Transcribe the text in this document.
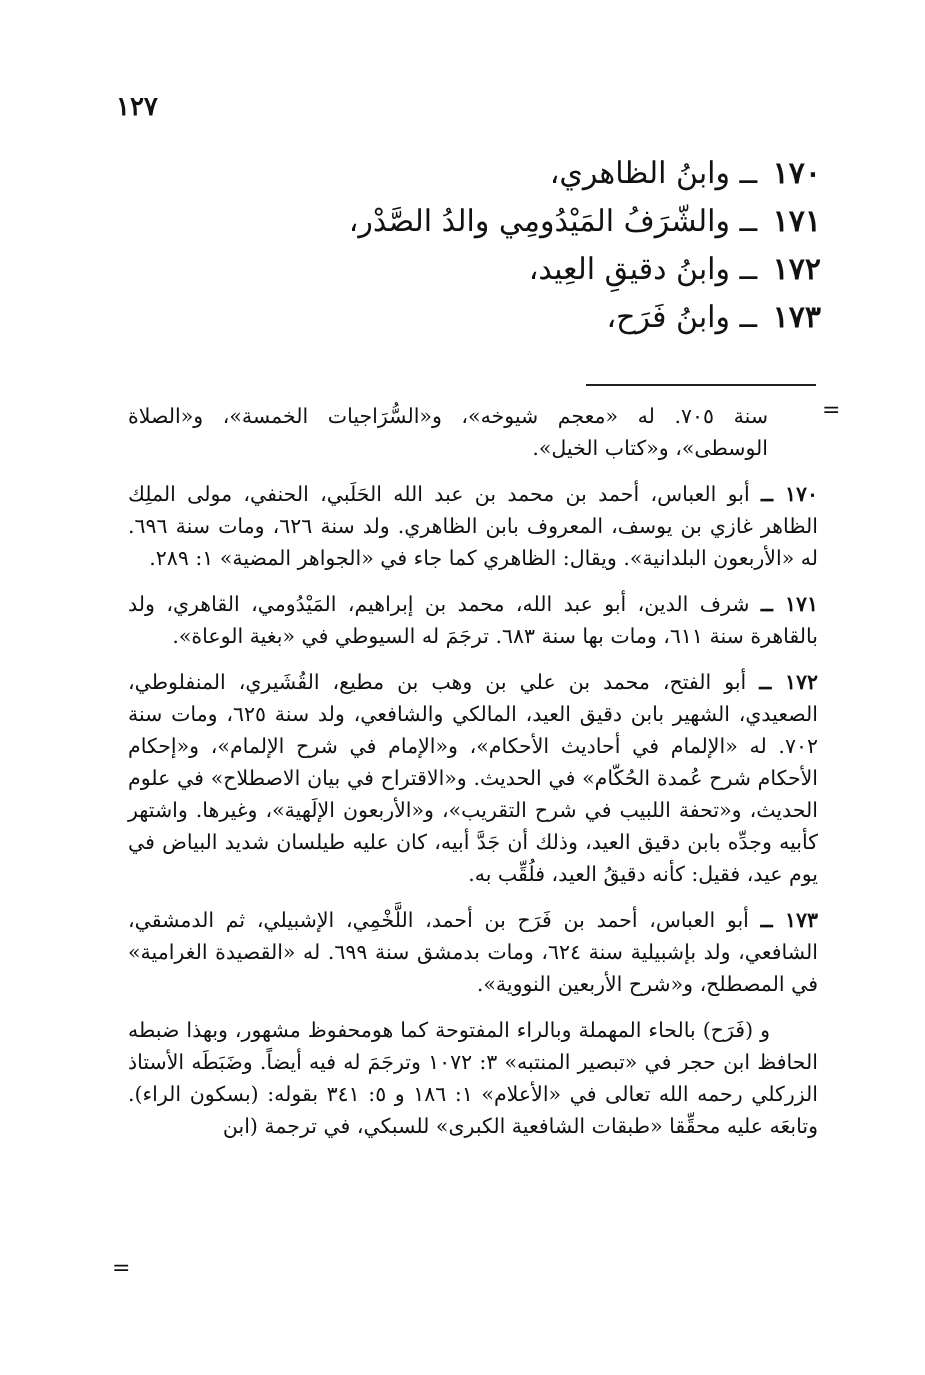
١٢٧
١٧٠ ــ وابنُ الظاهري،
١٧١ ــ والشّرَفُ المَيْدُومِي والدُ الصَّدْر،
١٧٢ ــ وابنُ دقيقِ العِيد،
١٧٣ ــ وابنُ فَرَح،
=

سنة ٧٠٥. له «معجم شيوخه»، و«السُّرَاجيات الخمسة»، و«الصلاة الوسطى»، و«كتاب الخيل».

١٧٠ ــ أبو العباس، أحمد بن محمد بن عبد الله الحَلَبي، الحنفي، مولى الملِك الظاهر غازي بن يوسف، المعروف بابن الظاهري. ولد سنة ٦٢٦، ومات سنة ٦٩٦. له «الأربعون البلدانية». ويقال: الظاهري كما جاء في «الجواهر المضية» ١: ٢٨٩.

١٧١ ــ شرف الدين، أبو عبد الله، محمد بن إبراهيم، المَيْدُومي، القاهري، ولد بالقاهرة سنة ٦١١، ومات بها سنة ٦٨٣. ترجَمَ له السيوطي في «بغية الوعاة».

١٧٢ ــ أبو الفتح، محمد بن علي بن وهب بن مطيع، القُشَيري، المنفلوطي، الصعيدي، الشهير بابن دقيق العيد، المالكي والشافعي، ولد سنة ٦٢٥، ومات سنة ٧٠٢. له «الإلمام في أحاديث الأحكام»، و«الإمام في شرح الإلمام»، و«إحكام الأحكام شرح عُمدة الحُكّام» في الحديث. و«الاقتراح في بيان الاصطلاح» في علوم الحديث، و«تحفة اللبيب في شرح التقريب»، و«الأربعون الإلَهية»، وغيرها. واشتهر كأبيه وجدِّه بابن دقيق العيد، وذلك أن جَدَّ أبيه، كان عليه طيلسان شديد البياض في يوم عيد، فقيل: كأنه دقيقُ العيد، فلُقِّب به.

١٧٣ ــ أبو العباس، أحمد بن فَرَح بن أحمد، اللَّخْمِي، الإشبيلي، ثم الدمشقي، الشافعي، ولد بإشبيلية سنة ٦٢٤، ومات بدمشق سنة ٦٩٩. له «القصيدة الغرامية» في المصطلح، و«شرح الأربعين النووية».

و (فَرَح) بالحاء المهملة وبالراء المفتوحة كما هومحفوظ مشهور، وبهذا ضبطه الحافظ ابن حجر في «تبصير المنتبه» ٣: ١٠٧٢ وترجَمَ له فيه أيضاً. وضَبَطَه الأستاذ الزركلي رحمه الله تعالى في «الأعلام» ١: ١٨٦ و ٥: ٣٤١ بقوله: (بسكون الراء). وتابعَه عليه محقِّقا «طبقات الشافعية الكبرى» للسبكي، في ترجمة (ابن

=
